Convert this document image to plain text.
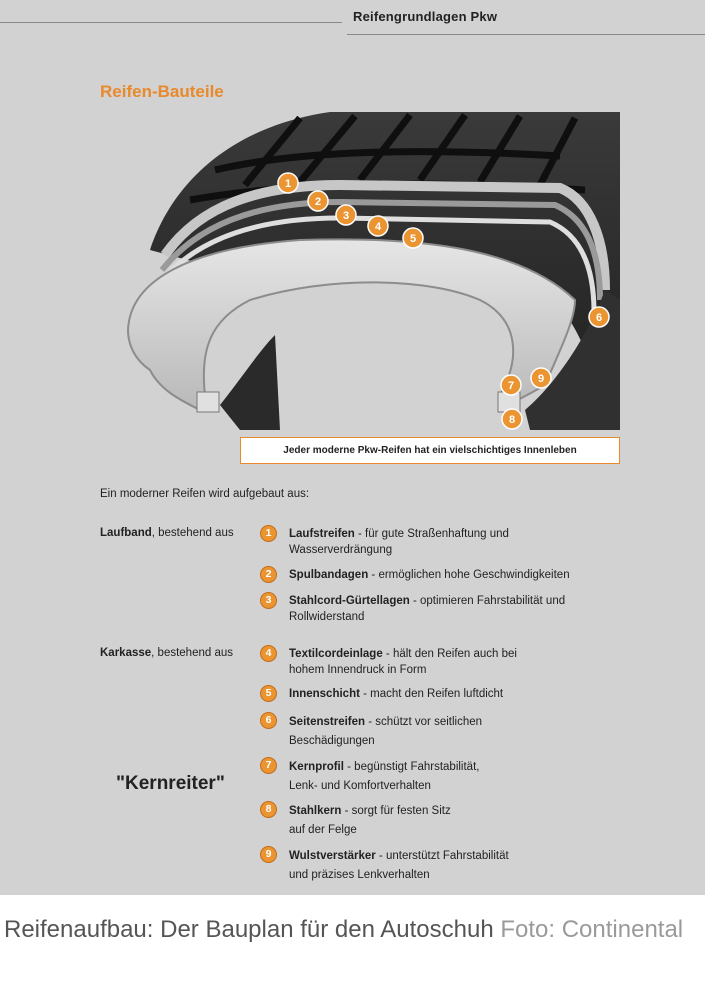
Reifengrundlagen Pkw
Reifen-Bauteile
1
2
3
4
5
6
7
9
8
Jeder moderne Pkw-Reifen hat ein vielschichtiges Innenleben
Ein moderner Reifen wird aufgebaut aus:
Laufband, bestehend aus
Karkasse, bestehend aus
"Kernreiter"
1	Laufstreifen - für gute Straßenhaftung und
Wasserverdrängung
2	Spulbandagen - ermöglichen hohe Geschwindigkeiten
3	Stahlcord-Gürtellagen - optimieren Fahrstabilität und
Rollwiderstand
4	Textilcordeinlage - hält den Reifen auch bei
hohem Innendruck in Form
5	Innenschicht - macht den Reifen luftdicht
6	Seitenstreifen - schützt vor seitlichen
Beschädigungen
7	Kernprofil - begünstigt Fahrstabilität,
Lenk- und Komfortverhalten
8	Stahlkern - sorgt für festen Sitz
auf der Felge
9	Wulstverstärker - unterstützt Fahrstabilität
und präzises Lenkverhalten
Reifenaufbau: Der Bauplan für den Autoschuh Foto: Continental
